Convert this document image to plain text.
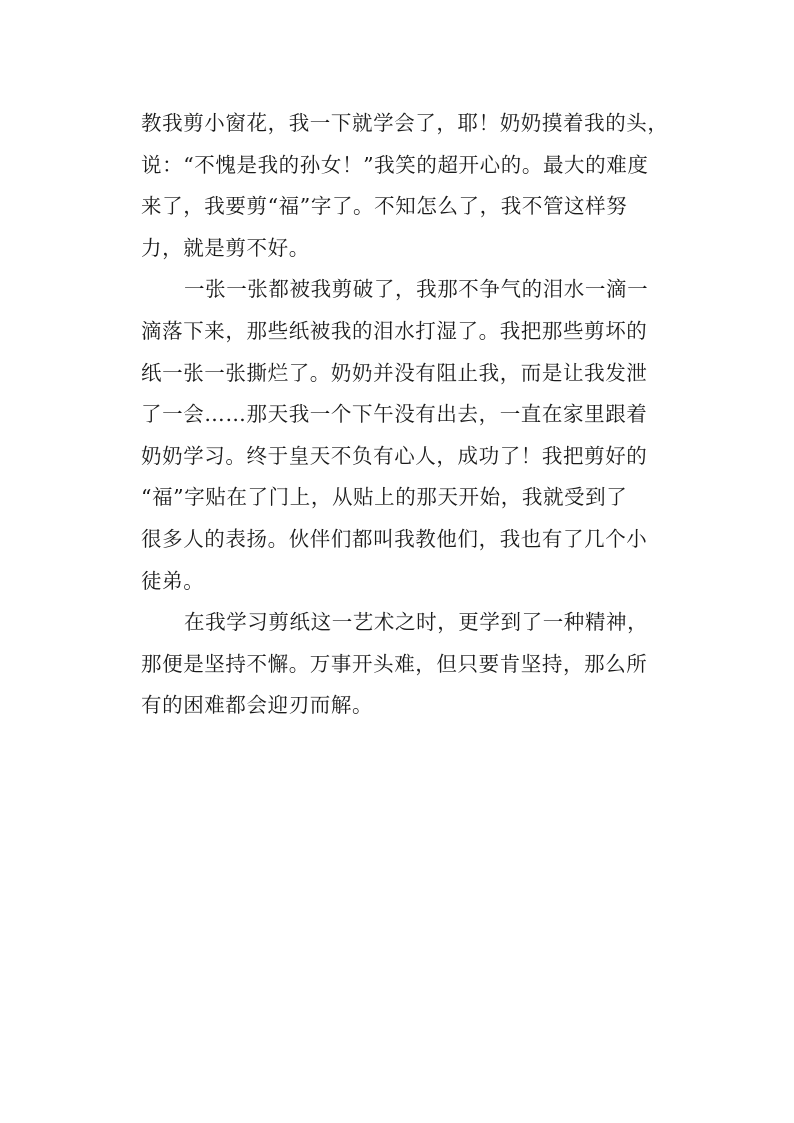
教我剪小窗花，我一下就学会了，耶！奶奶摸着我的头，
说：“不愧是我的孙女！”我笑的超开心的。最大的难度
来了，我要剪“福”字了。不知怎么了，我不管这样努
力，就是剪不好。
一张一张都被我剪破了，我那不争气的泪水一滴一
滴落下来，那些纸被我的泪水打湿了。我把那些剪坏的
纸一张一张撕烂了。奶奶并没有阻止我，而是让我发泄
了一会……那天我一个下午没有出去，一直在家里跟着
奶奶学习。终于皇天不负有心人，成功了！我把剪好的
“福”字贴在了门上，从贴上的那天开始，我就受到了
很多人的表扬。伙伴们都叫我教他们，我也有了几个小
徒弟。
在我学习剪纸这一艺术之时，更学到了一种精神，
那便是坚持不懈。万事开头难，但只要肯坚持，那么所
有的困难都会迎刃而解。
